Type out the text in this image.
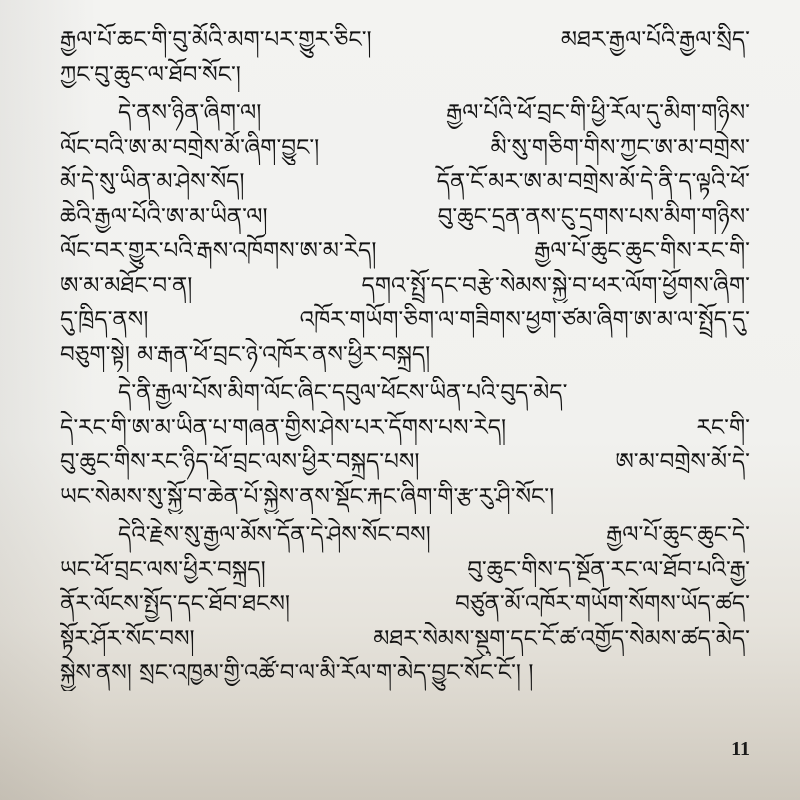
རྒྱལ་པོ་ཆང་གི་བུ་མོའི་མག་པར་གྱུར་ཅིང་། མཐར་རྒྱལ་པོའི་རྒྱལ་སྲིད་
ཀྱང་བུ་ཆུང་ལ་ཐོབ་སོང་།
དེ་ནས་ཉིན་ཞིག་ལ། རྒྱལ་པོའི་ཕོ་བྲང་གི་ཕྱི་རོལ་དུ་མིག་གཉིས་
ལོང་བའི་ཨ་མ་བགྲེས་མོ་ཞིག་བྱུང་། མི་སུ་གཅིག་གིས་ཀྱང་ཨ་མ་བགྲེས་
མོ་དེ་སུ་ཡིན་མ་ཤེས་སོད། དོན་ངོ་མར་ཨ་མ་བགྲེས་མོ་དེ་ནི་ད་ལྟའི་ཕོ་
ཆེའི་རྒྱལ་པོའི་ཨ་མ་ཡིན་ལ། བུ་ཆུང་དྲན་ནས་ངུ་དྲགས་པས་མིག་གཉིས་
ལོང་བར་གྱུར་པའི་རྒས་འཁོགས་ཨ་མ་རེད། རྒྱལ་པོ་ཆུང་ཆུང་གིས་རང་གི་
ཨ་མ་མཐོང་བ་ན། དགའ་སྤྲོ་དང་བརྩེ་སེམས་སྐྱེ་བ་ཕར་ལོག་ཕྱོགས་ཞིག་
དུ་ཁྲིད་ནས། འཁོར་གཡོག་ཅིག་ལ་གཟིགས་ཕྱག་ཙམ་ཞིག་ཨ་མ་ལ་སྤྲོད་དུ་
བཅུག་སྟེ། མ་རྒན་ཕོ་བྲང་ཉེ་འཁོར་ནས་ཕྱིར་བསྐྲད།
དེ་ནི་རྒྱལ་པོས་མིག་ལོང་ཞིང་དབུལ་ཕོངས་ཡིན་པའི་བུད་མེད་
དེ་རང་གི་ཨ་མ་ཡིན་པ་གཞན་གྱིས་ཤེས་པར་དོགས་པས་རེད། རང་གི་
བུ་ཆུང་གིས་རང་ཉིད་ཕོ་བྲང་ལས་ཕྱིར་བསྐྲད་པས། ཨ་མ་བགྲེས་མོ་དེ་
ཡང་སེམས་སུ་སྐྱོ་བ་ཆེན་པོ་སྐྱེས་ནས་སྡོང་རྐང་ཞིག་གི་རྩ་རུ་ཤི་སོང་།
དེའི་རྗེས་སུ་རྒྱལ་མོས་དོན་དེ་ཤེས་སོང་བས། རྒྱལ་པོ་ཆུང་ཆུང་དེ་
ཡང་ཕོ་བྲང་ལས་ཕྱིར་བསྐྲད། བུ་ཆུང་གིས་ད་སྔོན་རང་ལ་ཐོབ་པའི་རྒྱ་
ནོར་ལོངས་སྤྱོད་དང་ཐོབ་ཐངས། བཙུན་མོ་འཁོར་གཡོག་སོགས་ཡོད་ཚད་
སྟོར་ཤོར་སོང་བས། མཐར་སེམས་སྡུག་དང་ངོ་ཚ་འགྱོད་སེམས་ཚད་མེད་
སྐྱེས་ནས། སྲང་འཁྱམ་གྱི་འཚོ་བ་ལ་མི་རོལ་ག་མེད་བྱུང་སོང་ངོ་། །
11
